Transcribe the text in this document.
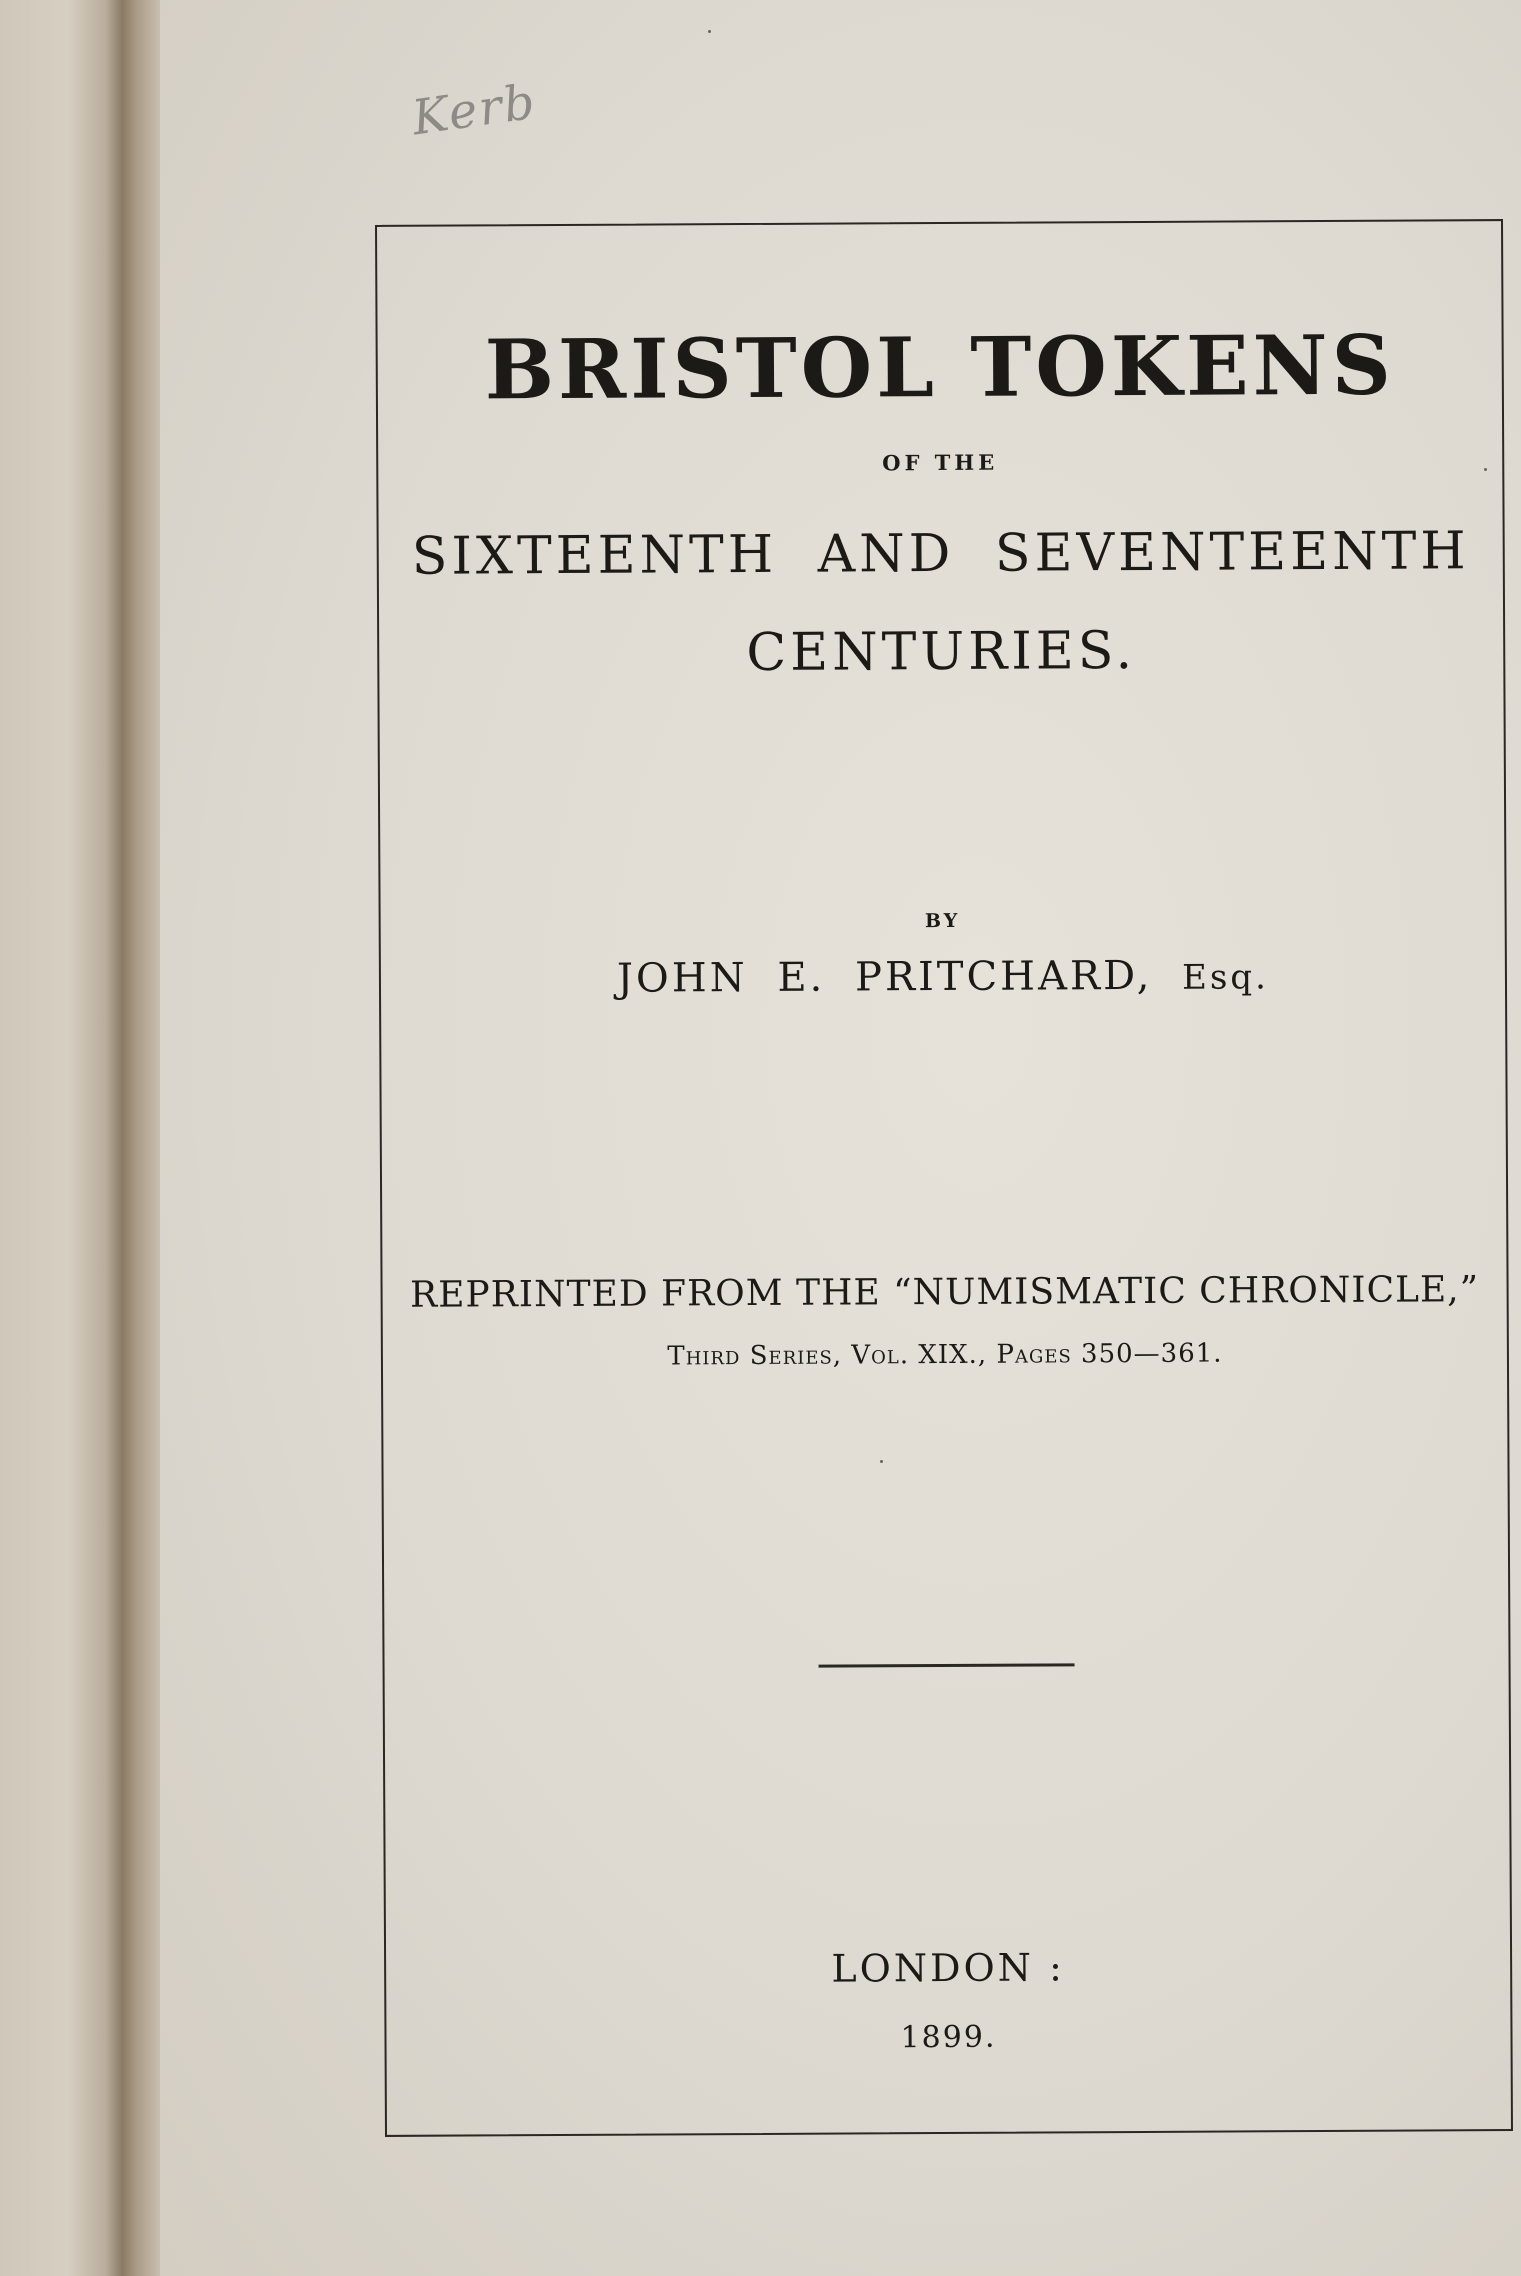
Kerb
BRISTOL TOKENS
OF THE
SIXTEENTH AND SEVENTEENTH
CENTURIES.
BY
JOHN E. PRITCHARD, Esq.
REPRINTED FROM THE “NUMISMATIC CHRONICLE,”
Third Series, Vol. XIX., Pages 350—361.
LONDON :
1899.
